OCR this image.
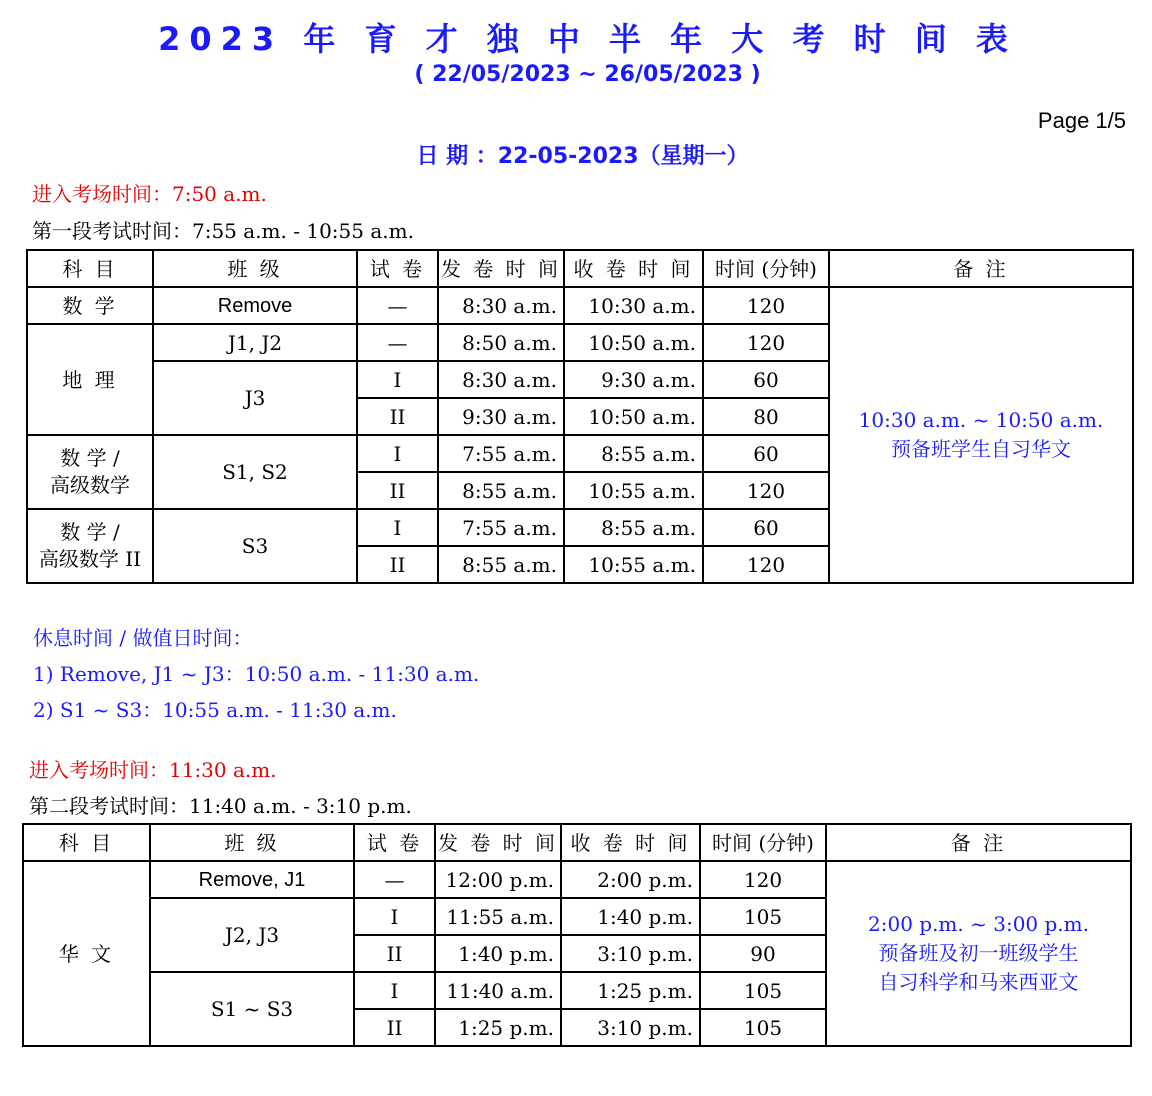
2023 年 育 才 独 中 半 年 大 考 时 间 表
( 22/05/2023 ~ 26/05/2023 )
Page 1/5
日 期 ：22-05-2023（星期一）
进入考场时间：7:50 a.m.
第一段考试时间：7:55 a.m. - 10:55 a.m.
科 目	班 级	试 卷	发 卷 时 间	收 卷 时 间	时间 (分钟)	备 注
数 学	Remove	—	8:30 a.m.	10:30 a.m.	120	10:30 a.m. ~ 10:50 a.m.
预备班学生自习华文

地 理	J1, J2	—	8:50 a.m.	10:50 a.m.	120	
	J3	I	8:30 a.m.	9:30 a.m.	60	
		II	9:30 a.m.	10:50 a.m.	80	
数 学 /
高级数学	S1, S2	I	7:55 a.m.	8:55 a.m.	60	
		II	8:55 a.m.	10:55 a.m.	120	
数 学 /
高级数学 II	S3	I	7:55 a.m.	8:55 a.m.	60	
		II	8:55 a.m.	10:55 a.m.	120	
休息时间 / 做值日时间：
1) Remove, J1 ~ J3：10:50 a.m. - 11:30 a.m.
2) S1 ~ S3：10:55 a.m. - 11:30 a.m.
进入考场时间：11:30 a.m.
第二段考试时间：11:40 a.m. - 3:10 p.m.
科 目	班 级	试 卷	发 卷 时 间	收 卷 时 间	时间 (分钟)	备 注
华 文	Remove, J1	—	12:00 p.m.	2:00 p.m.	120	2:00 p.m. ~ 3:00 p.m.
预备班及初一班级学生
自习科学和马来西亚文

	J2, J3	I	11:55 a.m.	1:40 p.m.	105	
		II	1:40 p.m.	3:10 p.m.	90	
	S1 ~ S3	I	11:40 a.m.	1:25 p.m.	105	
		II	1:25 p.m.	3:10 p.m.	105	
